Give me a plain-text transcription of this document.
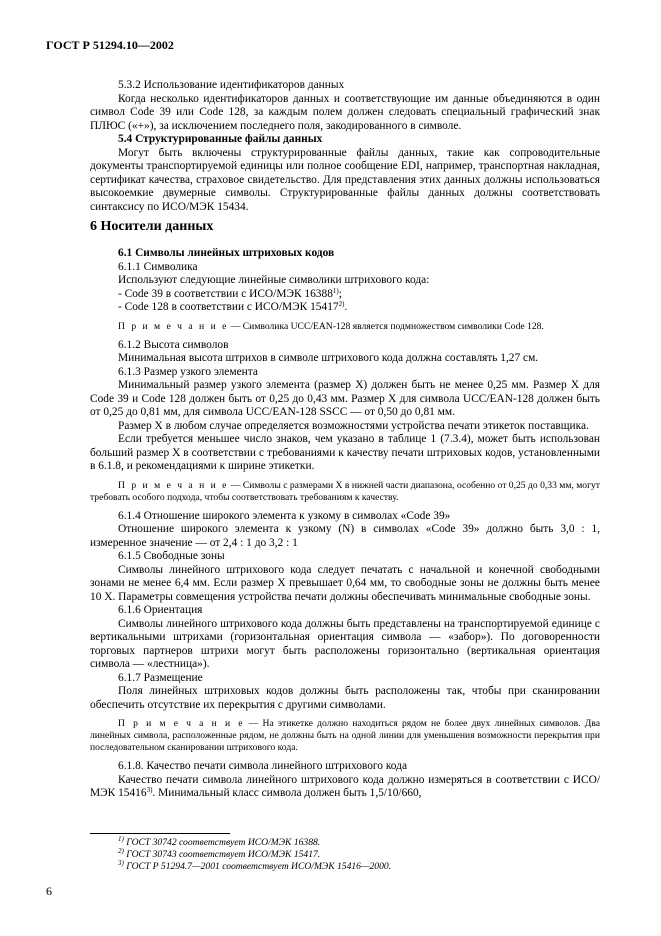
ГОСТ Р 51294.10—2002

5.3.2 Использование идентификаторов данных

Когда несколько идентификаторов данных и соответствующие им данные объединяются в один символ Code 39 или Code 128, за каждым полем должен следовать специальный графический знак ПЛЮС («+»), за исключением последнего поля, закодированного в символе.

5.4 Структурированные файлы данных

Могут быть включены структурированные файлы данных, такие как сопроводительные документы транспортируемой единицы или полное сообщение EDI, например, транспортная накладная, сертификат качества, страховое свидетельство. Для представления этих данных должны использоваться высокоемкие двумерные символы. Структурированные файлы данных должны соответствовать синтаксису по ИСО/МЭК 15434.

6 Носители данных

6.1 Символы линейных штриховых кодов

6.1.1 Символика

Используют следующие линейные символики штрихового кода:

- Code 39 в соответствии с ИСО/МЭК 16388$^{1)}$;

- Code 128 в соответствии с ИСО/МЭК 15417$^{2)}$.

П р и м е ч а н и е — Символика UCC/EAN-128 является подмножеством символики Code 128.

6.1.2 Высота символов

Минимальная высота штрихов в символе штрихового кода должна составлять 1,27 см.

6.1.3 Размер узкого элемента

Минимальный размер узкого элемента (размер X) должен быть не менее 0,25 мм. Размер X для Code 39 и Code 128 должен быть от 0,25 до 0,43 мм. Размер X для символа UCC/EAN-128 должен быть от 0,25 до 0,81 мм, для символа UCC/EAN-128 SSCC — от 0,50 до 0,81 мм.

Размер X в любом случае определяется возможностями устройства печати этикеток поставщика.

Если требуется меньшее число знаков, чем указано в таблице 1 (7.3.4), может быть использован больший размер X в соответствии с требованиями к качеству печати штриховых кодов, установленными в 6.1.8, и рекомендациями к ширине этикетки.

П р и м е ч а н и е — Символы с размерами X в нижней части диапазона, особенно от 0,25 до 0,33 мм, могут требовать особого подхода, чтобы соответствовать требованиям к качеству.

6.1.4 Отношение широкого элемента к узкому в символах «Code 39»

Отношение широкого элемента к узкому (N) в символах «Code 39» должно быть 3,0 : 1, измеренное значение — от 2,4 : 1 до 3,2 : 1

6.1.5 Свободные зоны

Символы линейного штрихового кода следует печатать с начальной и конечной свободными зонами не менее 6,4 мм. Если размер X превышает 0,64 мм, то свободные зоны не должны быть менее 10 X. Параметры совмещения устройства печати должны обеспечивать минимальные свободные зоны.

6.1.6 Ориентация

Символы линейного штрихового кода должны быть представлены на транспортируемой единице с вертикальными штрихами (горизонтальная ориентация символа — «забор»). По договоренности торговых партнеров штрихи могут быть расположены горизонтально (вертикальная ориентация символа — «лестница»).

6.1.7 Размещение

Поля линейных штриховых кодов должны быть расположены так, чтобы при сканировании обеспечить отсутствие их перекрытия с другими символами.

П р и м е ч а н и е — На этикетке должно находиться рядом не более двух линейных символов. Два линейных символа, расположенные рядом, не должны быть на одной линии для уменьшения возможности перекрытия при последовательном сканировании штрихового кода.

6.1.8. Качество печати символа линейного штрихового кода

Качество печати символа линейного штрихового кода должно измеряться в соответствии с ИСО/МЭК 15416$^{3)}$. Минимальный класс символа должен быть 1,5/10/660,

$^{1)}$ ГОСТ 30742 соответствует ИСО/МЭК 16388.

$^{2)}$ ГОСТ 30743 соответствует ИСО/МЭК 15417.

$^{3)}$ ГОСТ Р 51294.7—2001 соответствует ИСО/МЭК 15416—2000.

6
